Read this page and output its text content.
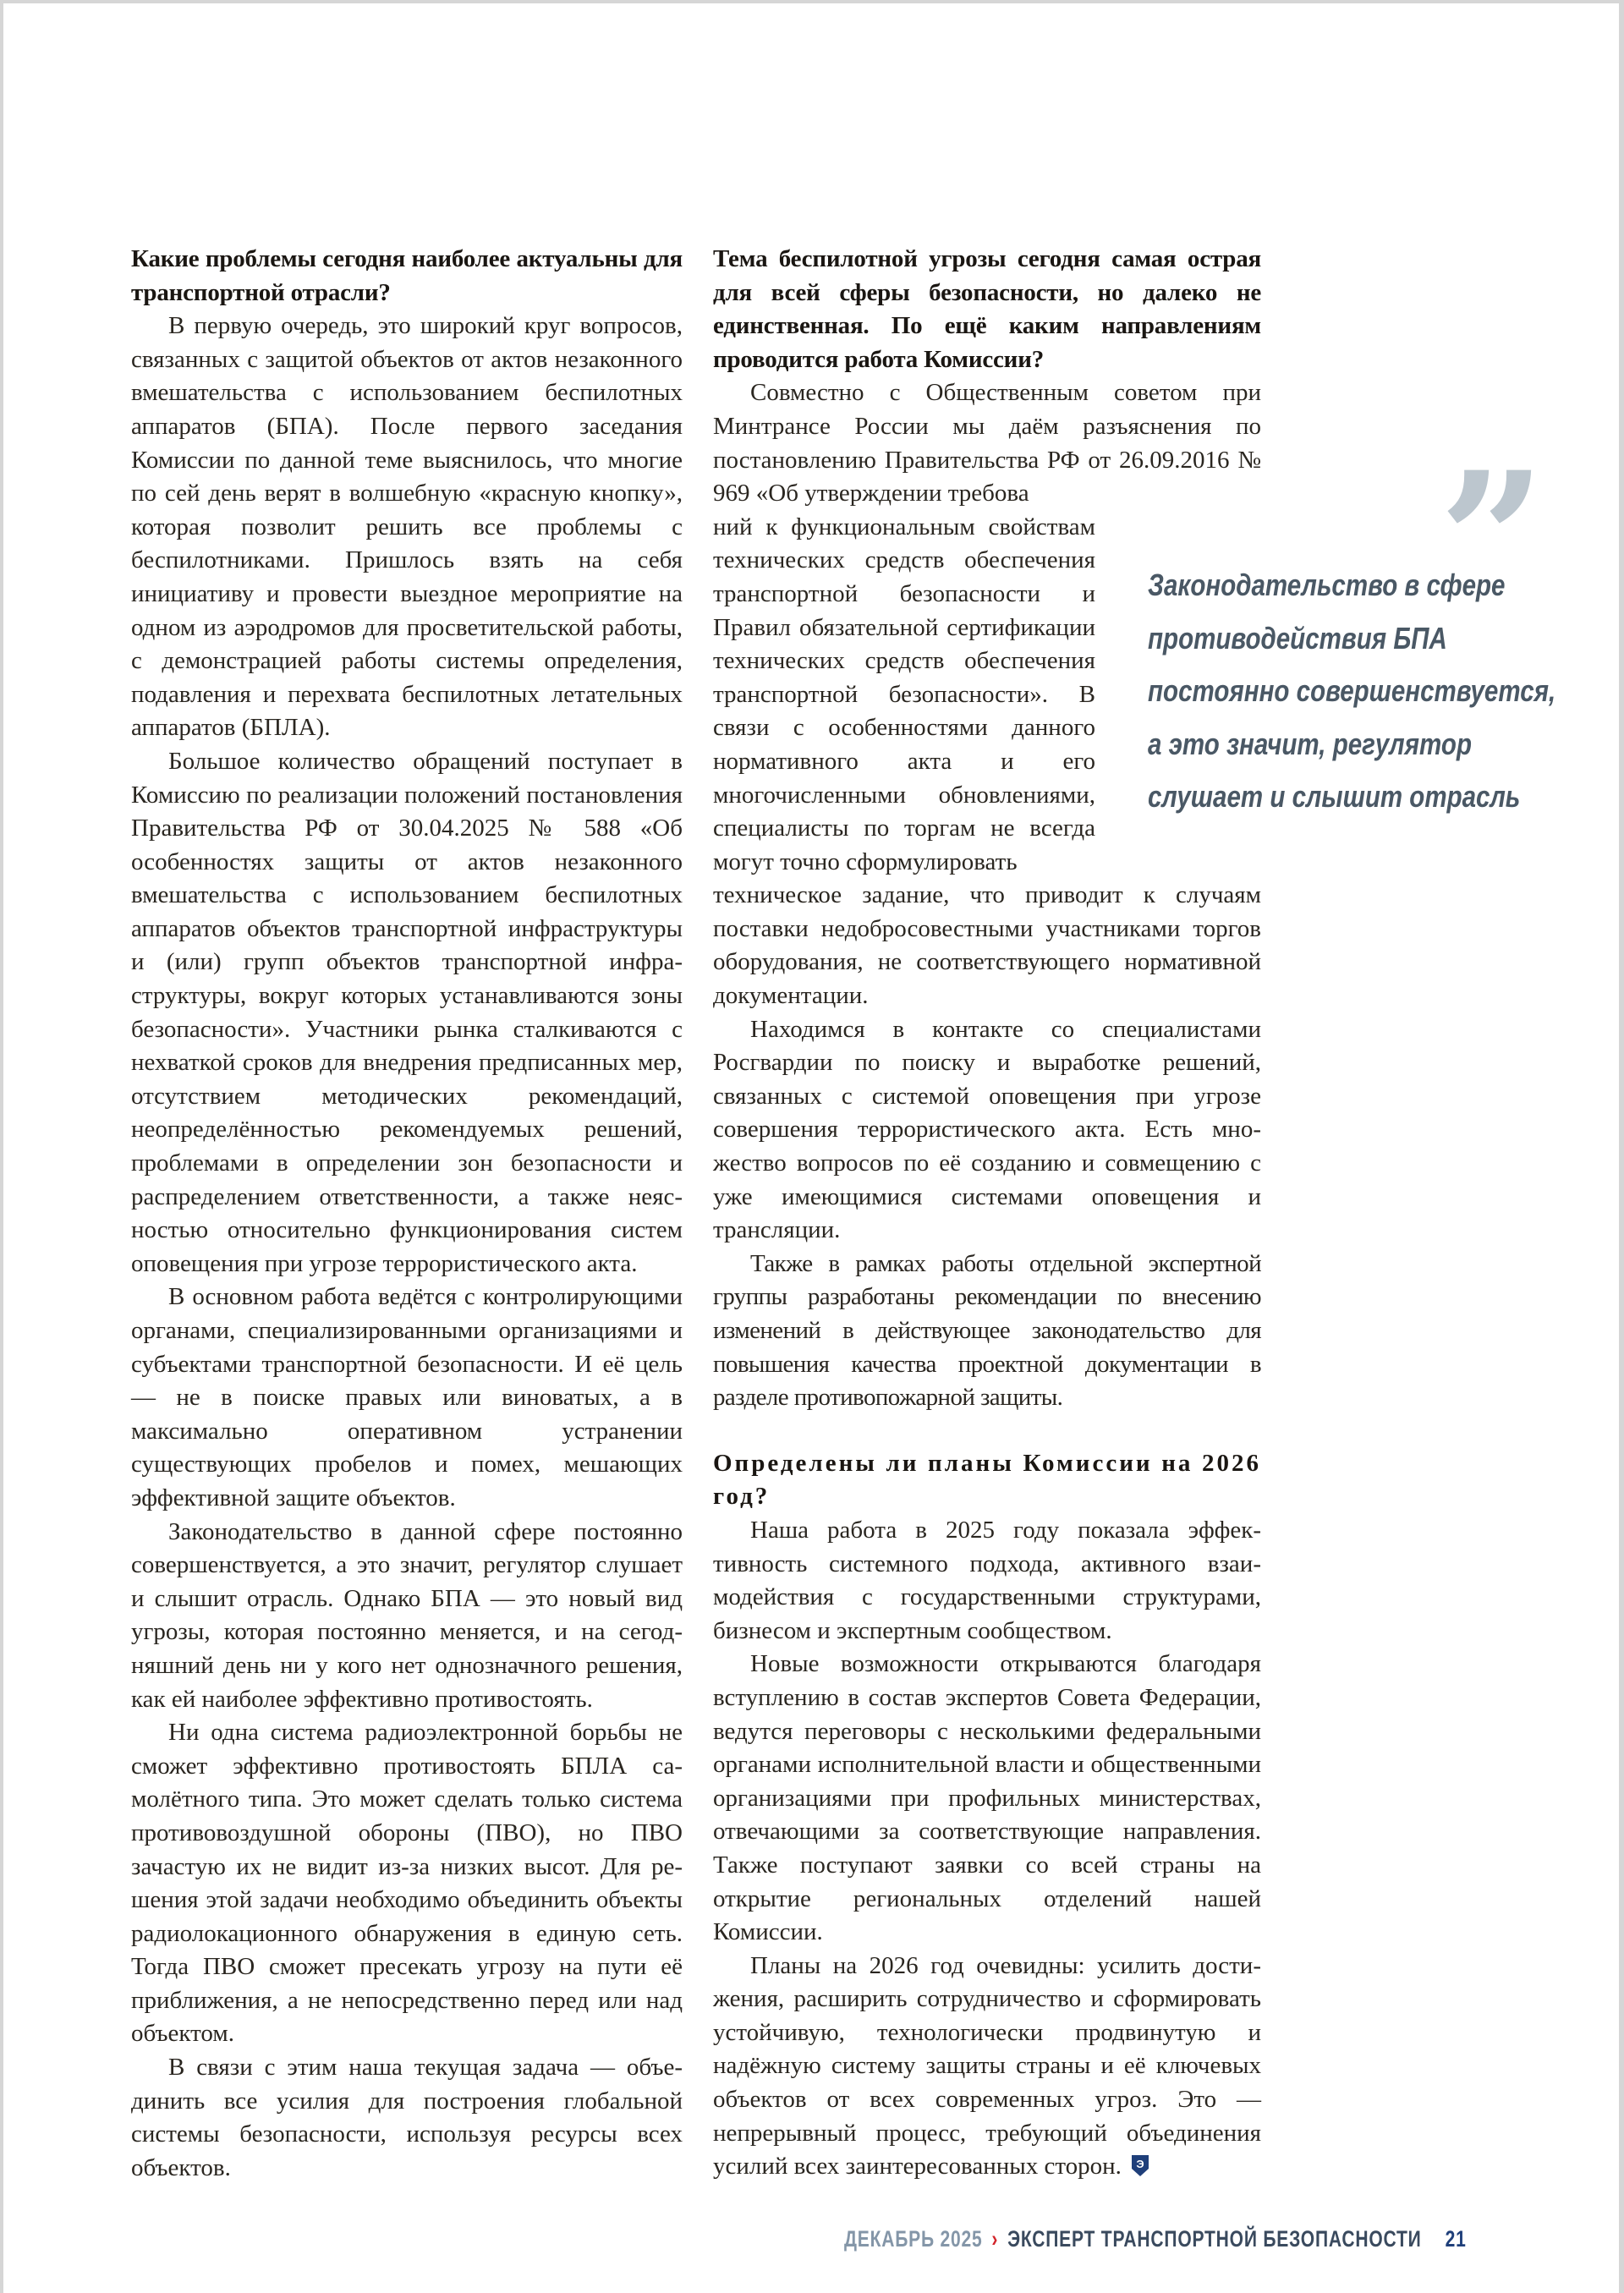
Какие проблемы сегодня наиболее актуальны для транспортной отрасли?

В первую очередь, это широкий круг вопросов, связанных с защитой объектов от актов незаконного вмешательства с использованием беспилотных аппаратов (БПА). После первого заседания Комиссии по данной теме выяснилось, что многие по сей день верят в волшебную «красную кнопку», которая позволит решить все проблемы с беспилотниками. Пришлось взять на себя инициативу и провести выездное мероприятие на одном из аэродромов для просветительской работы, с демонстрацией работы системы определения, подавления и перехвата беспилотных летательных аппаратов (БПЛА).

Большое количество обращений поступает в Комиссию по реализации положений постановления Правительства РФ от 30.04.2025 № 588 «Об особенностях защиты от актов незаконного вмешательства с использованием беспилотных аппаратов объектов транспортной инфраструктуры и (или) групп объектов транспортной инфраструктуры, вокруг которых устанавливаются зоны безопасности». Участники рынка сталкиваются с нехваткой сроков для внедрения предписанных мер, отсутствием методических рекомендаций, неопределённостью рекомендуемых решений, проблемами в определении зон безопасности и распределением ответственности, а также неясностью относительно функционирования систем оповещения при угрозе террористического акта.

В основном работа ведётся с контролирующими органами, специализированными организациями и субъектами транспортной безопасности. И её цель — не в поиске правых или виноватых, а в максимально оперативном устранении существующих пробелов и помех, мешающих эффективной защите объектов.

Законодательство в данной сфере постоянно совершенствуется, а это значит, регулятор слушает и слышит отрасль. Однако БПА — это новый вид угрозы, которая постоянно меняется, и на сегодняшний день ни у кого нет однозначного решения, как ей наиболее эффективно противостоять.

Ни одна система радиоэлектронной борьбы не сможет эффективно противостоять БПЛА самолётного типа. Это может сделать только система противовоздушной обороны (ПВО), но ПВО зачастую их не видит из-за низких высот. Для решения этой задачи необходимо объединить объекты радиолокационного обнаружения в единую сеть. Тогда ПВО сможет пресекать угрозу на пути её приближения, а не непосредственно перед или над объектом.

В связи с этим наша текущая задача — объединить все усилия для построения глобальной системы безопасности, используя ресурсы всех объектов.

Тема беспилотной угрозы сегодня самая острая для всей сферы безопасности, но далеко не единственная. По ещё каким направлениям проводится работа Комиссии?

Совместно с Общественным советом при Минтрансе России мы даём разъяснения по постановлению Правительства РФ от 26.09.2016 № 969 «Об утверждении требова

ний к функциональным свойствам технических средств обеспечения транспортной безопасности и Правил обязательной сертификации технических средств обеспечения транспортной безопасности». В связи с особенностями данного нормативного акта и его многочисленными обновлениями, специалисты по торгам не всегда могут точно сформулировать

техническое задание, что приводит к случаям поставки недобросовестными участниками торгов оборудования, не соответствующего нормативной документации.

Находимся в контакте со специалистами Росгвардии по поиску и выработке решений, связанных с системой оповещения при угрозе совершения террористического акта. Есть множество вопросов по её созданию и совмещению с уже имеющимися системами оповещения и трансляции.

Также в рамках работы отдельной экспертной группы разработаны рекомендации по внесению изменений в действующее законодательство для повышения качества проектной документации в разделе противопожарной защиты.

Определены ли планы Комиссии на 2026 год?

Наша работа в 2025 году показала эффективность системного подхода, активного взаимодействия с государственными структурами, бизнесом и экспертным сообществом.

Новые возможности открываются благодаря вступлению в состав экспертов Совета Федерации, ведутся переговоры с несколькими федеральными органами исполнительной власти и общественными организациями при профильных министерствах, отвечающими за соответствующие направления. Также поступают заявки со всей страны на открытие региональных отделений нашей Комиссии.

Планы на 2026 год очевидны: усилить достижения, расширить сотрудничество и сформировать устойчивую, технологически продвинутую и надёжную систему защиты страны и её ключевых объектов от всех современных угроз. Это — непрерывный процесс, требующий объединения усилий всех заинтересованных сторон. Э

”
Законодательство в сфере
противодействия БПА
постоянно совершенствуется,
а это значит, регулятор
слушает и слышит отрасль
ДЕКАБРЬ 2025 › ЭКСПЕРТ ТРАНСПОРТНОЙ БЕЗОПАСНОСТИ 21
